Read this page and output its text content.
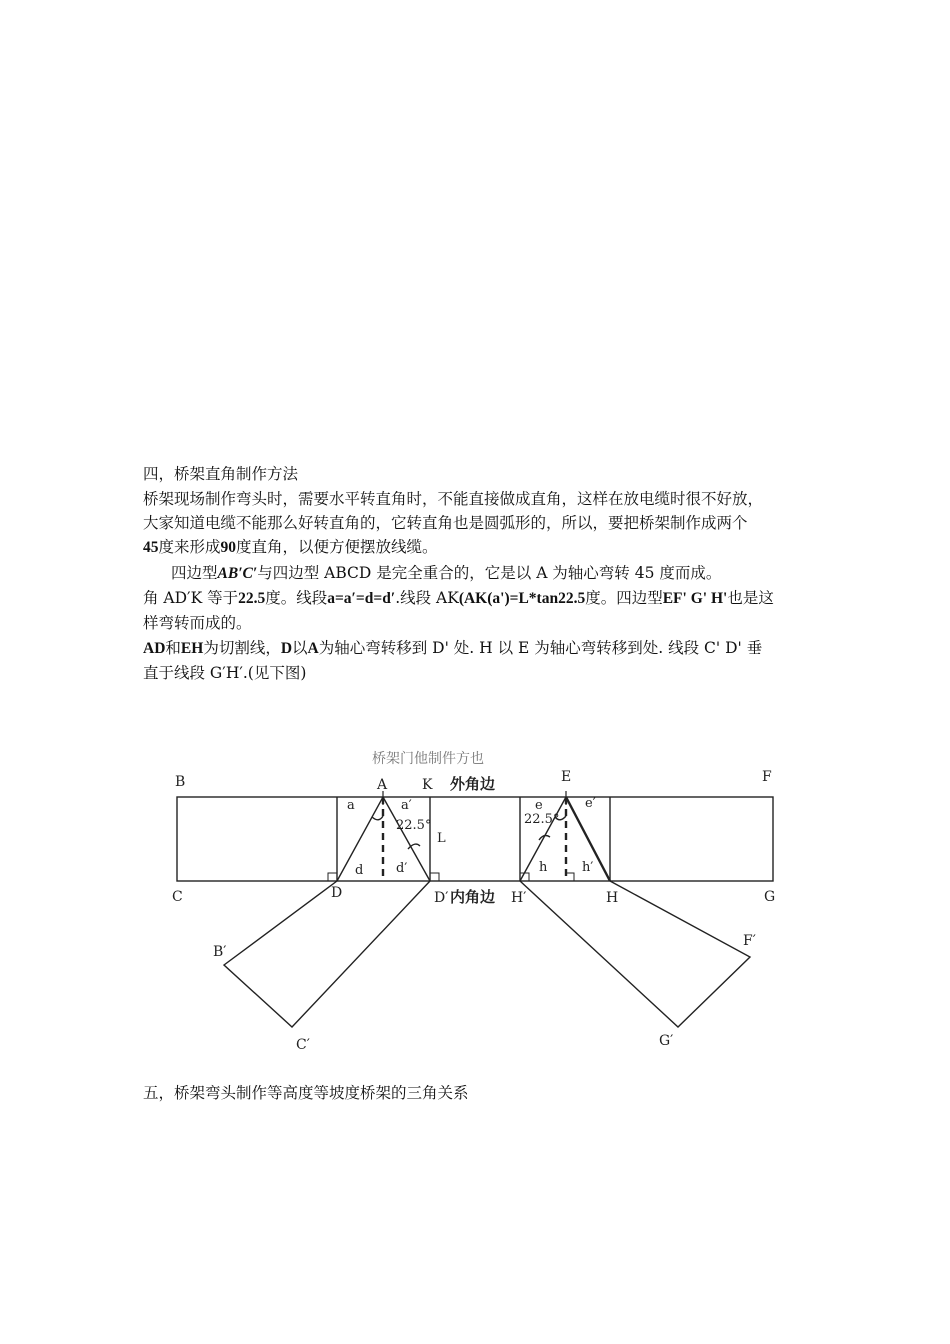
四，桥架直角制作方法
桥架现场制作弯头时，需要水平转直角时，不能直接做成直角，这样在放电缆时很不好放，
大家知道电缆不能那么好转直角的，它转直角也是圆弧形的，所以，要把桥架制作成两个
45度来形成90度直角，以便方便摆放线缆。
四边型AB′C′与四边型 ABCD 是完全重合的，它是以 A 为轴心弯转 45 度而成。
角 AD′K 等于22.5度。线段a=a′=d=d′.线段 AK(AK(a')=L*tan22.5度。四边型EF' G' H'也是这
样弯转而成的。
AD和EH为切割线，D以A为轴心弯转移到 D' 处. H 以 E 为轴心弯转移到处. 线段 C' D' 垂
直于线段 G′H′.(见下图)
桥架门他制件方也
外角边
内角边
B	A K	E	F
C	D	D′	H′	H	G
B′
C′
F′
G′
a	a′
d	d′
L
22.5°	22.5°
e	e′
h	h′
五，桥架弯头制作等高度等坡度桥架的三角关系
